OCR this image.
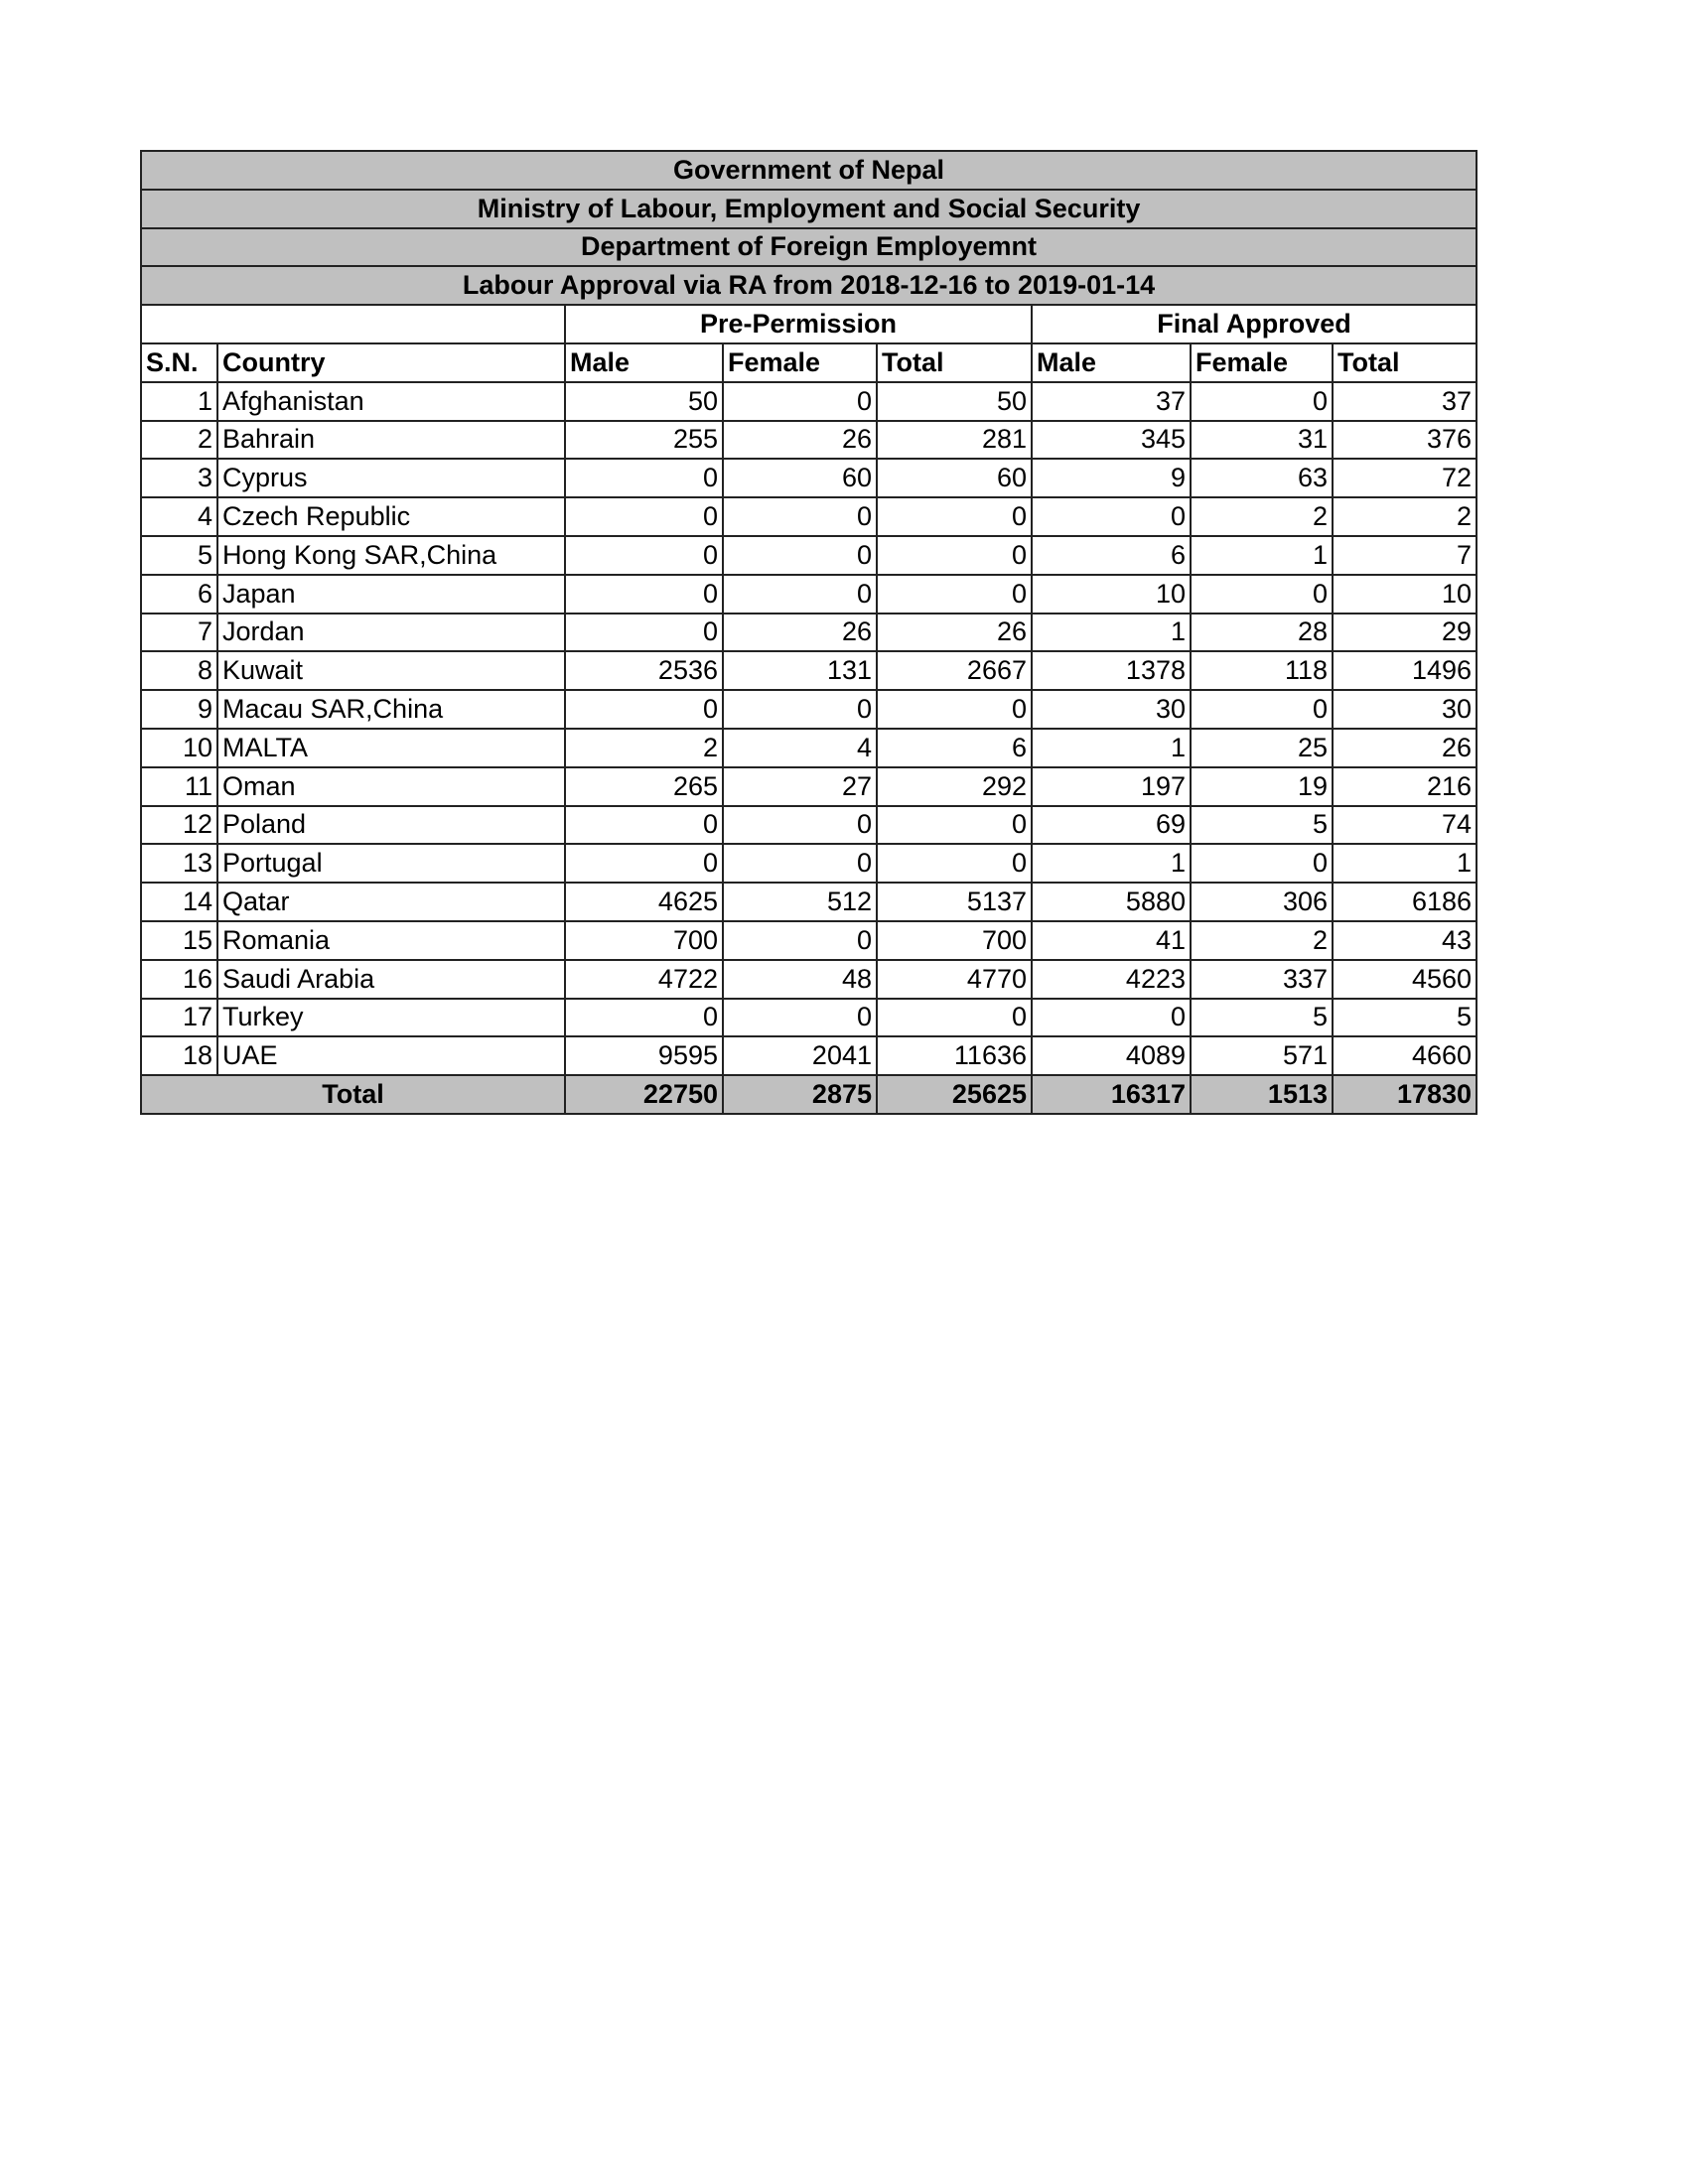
Government of Nepal							
Ministry of Labour, Employment and Social Security							
Department of Foreign Employemnt							
Labour Approval via RA from 2018-12-16 to 2019-01-14							
		Pre-Permission			Final Approved		
S.N.	Country	Male	Female	Total	Male	Female	Total
1	Afghanistan	50	0	50	37	0	37
2	Bahrain	255	26	281	345	31	376
3	Cyprus	0	60	60	9	63	72
4	Czech Republic	0	0	0	0	2	2
5	Hong Kong SAR,China	0	0	0	6	1	7
6	Japan	0	0	0	10	0	10
7	Jordan	0	26	26	1	28	29
8	Kuwait	2536	131	2667	1378	118	1496
9	Macau SAR,China	0	0	0	30	0	30
10	MALTA	2	4	6	1	25	26
11	Oman	265	27	292	197	19	216
12	Poland	0	0	0	69	5	74
13	Portugal	0	0	0	1	0	1
14	Qatar	4625	512	5137	5880	306	6186
15	Romania	700	0	700	41	2	43
16	Saudi Arabia	4722	48	4770	4223	337	4560
17	Turkey	0	0	0	0	5	5
18	UAE	9595	2041	11636	4089	571	4660
Total		22750	2875	25625	16317	1513	17830
